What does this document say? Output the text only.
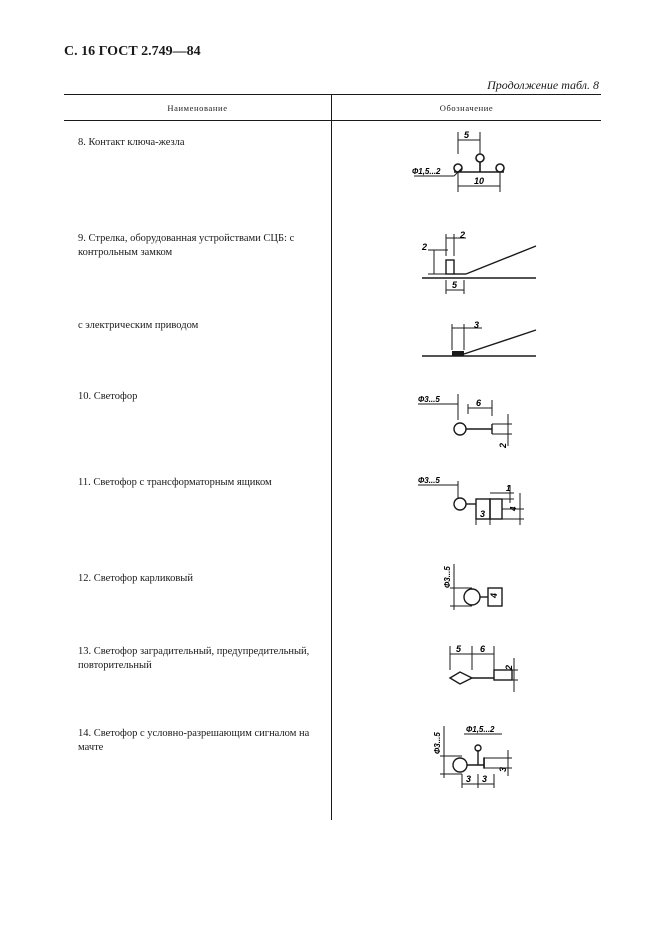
С. 16 ГОСТ 2.749—84
Продолжение табл. 8
Наименование	Обозначение
8. Контакт ключа-жезла
9. Стрелка, оборудованная устройствами СЦБ: с контрольным замком
с электрическим приводом
10. Светофор
11. Светофор с трансформаторным ящиком
12. Светофор карликовый
13. Светофор заградительный, предупредительный, повторительный
14. Светофор с условно-разрешающим сигналом на мачте
5
Ф1,5...2
10
2
2
5
3
Ф3...5	6
2
Ф3...5
1
4
3
Ф3...5
4
5 6
2
Ф1,5...2
Ф3...5
3 3
3
